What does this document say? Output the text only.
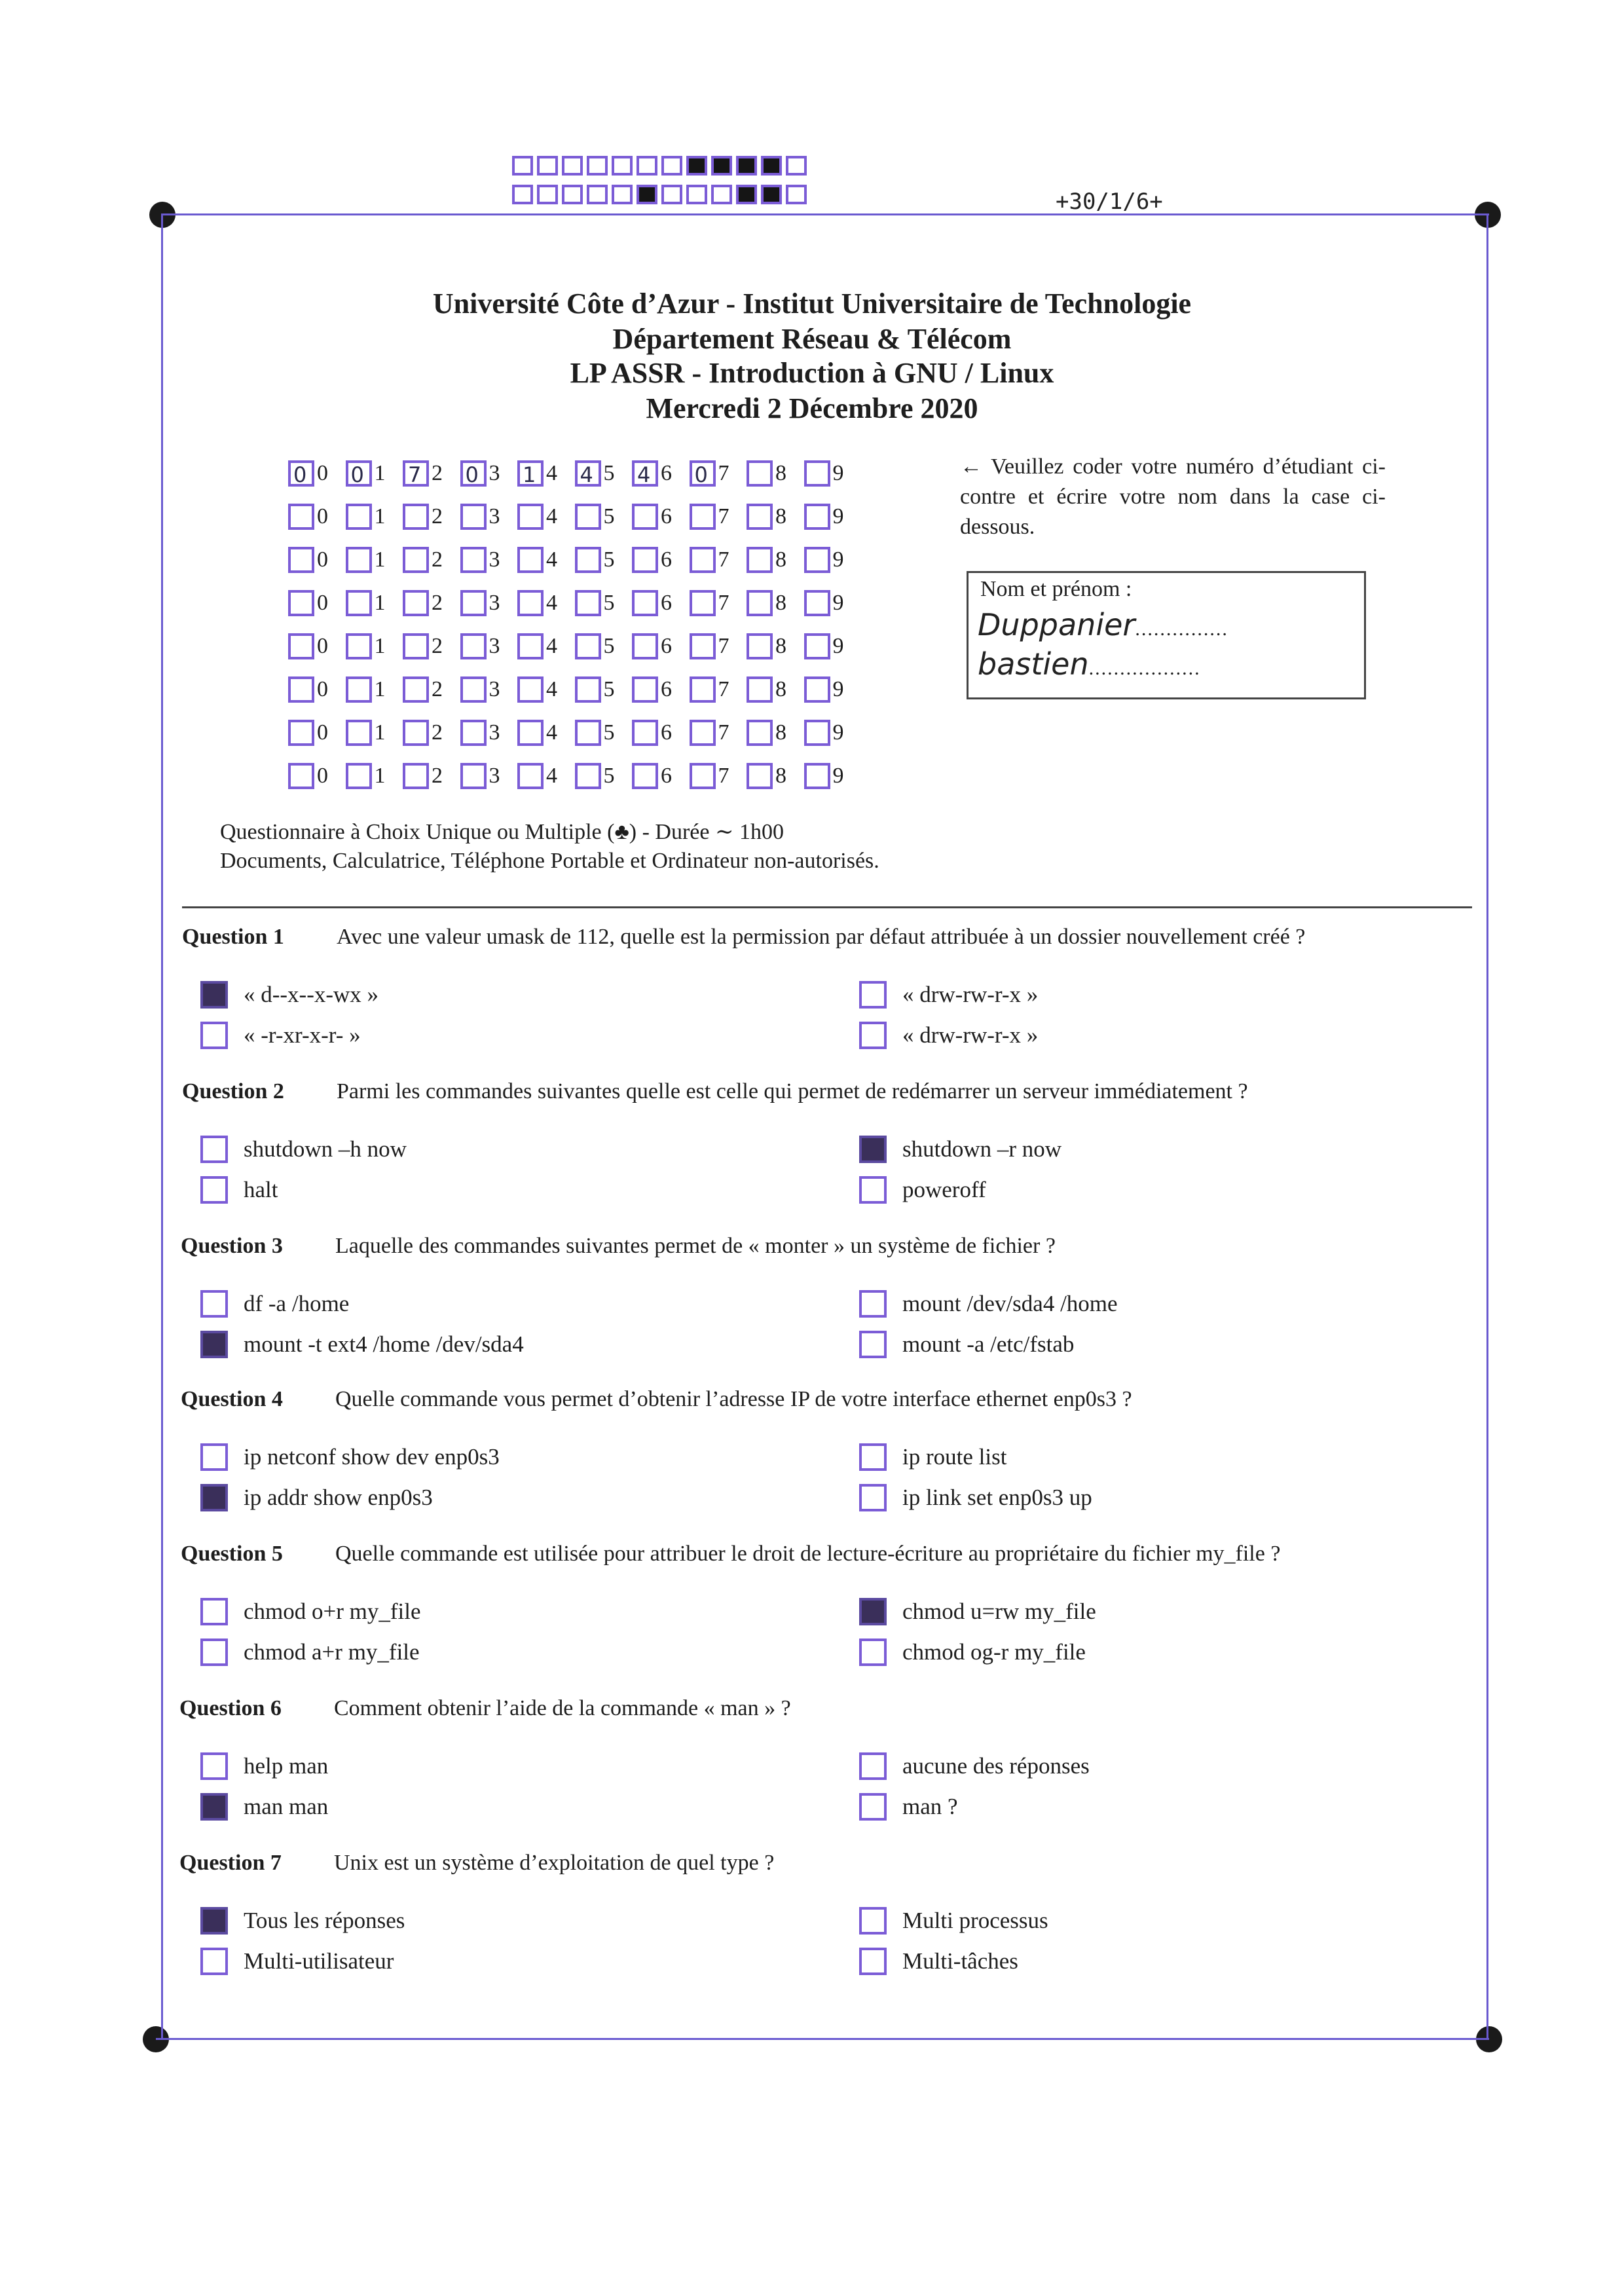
+30/1/6+
Université Côte d’Azur - Institut Universitaire de Technologie
Département Réseau & Télécom
LP ASSR - Introduction à GNU / Linux
Mercredi 2 Décembre 2020
0 0 0 1 7 2 0 3 1 4 4 5 4 6 0 7 8 9
0 1 2 3 4 5 6 7 8 9
0 1 2 3 4 5 6 7 8 9
0 1 2 3 4 5 6 7 8 9
0 1 2 3 4 5 6 7 8 9
0 1 2 3 4 5 6 7 8 9
0 1 2 3 4 5 6 7 8 9
0 1 2 3 4 5 6 7 8 9
← Veuillez coder votre numéro d’étudiant ci-contre et écrire votre nom dans la case ci-dessous.
Nom et prénom :
Duppanier...............
bastien..................
Questionnaire à Choix Unique ou Multiple (♣) - Durée ∼ 1h00
Documents, Calculatrice, Téléphone Portable et Ordinateur non-autorisés.
Question 1 Avec une valeur umask de 112, quelle est la permission par défaut attribuée à un dossier nouvellement créé ?
« d--x--x-wx »	« drw-rw-r-x »
« -r-xr-x-r- »	« drw-rw-r-x »
Question 2 Parmi les commandes suivantes quelle est celle qui permet de redémarrer un serveur immédiatement ?
shutdown –h now	shutdown –r now
halt	poweroff
Question 3 Laquelle des commandes suivantes permet de « monter » un système de fichier ?
df -a /home	mount /dev/sda4 /home
mount -t ext4 /home /dev/sda4	mount -a /etc/fstab
Question 4 Quelle commande vous permet d’obtenir l’adresse IP de votre interface ethernet enp0s3 ?
ip netconf show dev enp0s3	ip route list
ip addr show enp0s3	ip link set enp0s3 up
Question 5 Quelle commande est utilisée pour attribuer le droit de lecture-écriture au propriétaire du fichier my_file ?
chmod o+r my_file	chmod u=rw my_file
chmod a+r my_file	chmod og-r my_file
Question 6 Comment obtenir l’aide de la commande « man » ?
help man	aucune des réponses
man man	man ?
Question 7 Unix est un système d’exploitation de quel type ?
Tous les réponses	Multi processus
Multi-utilisateur	Multi-tâches
